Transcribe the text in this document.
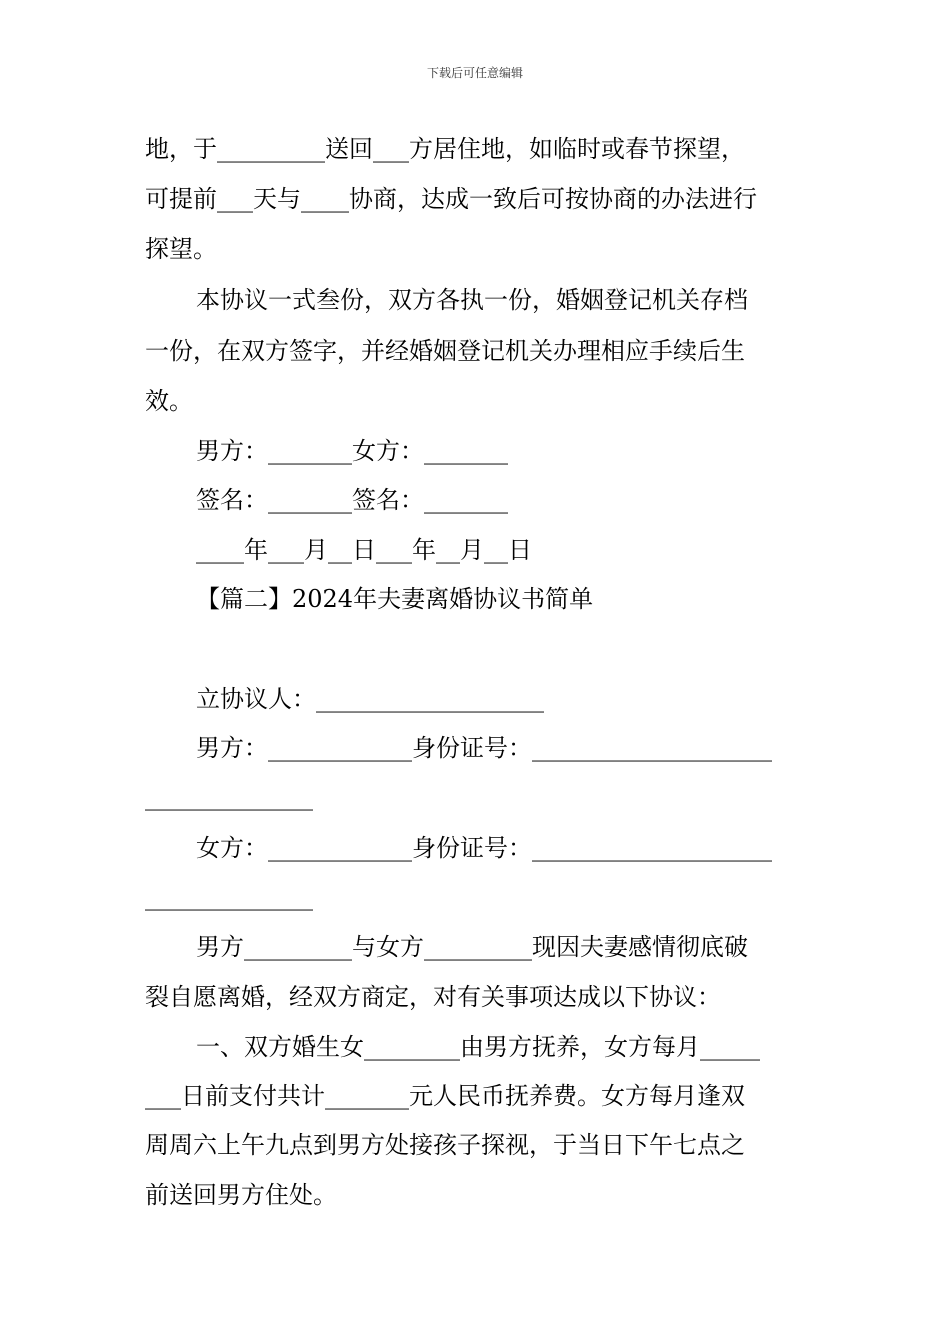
下载后可任意编辑
地，于_________送回___方居住地，如临时或春节探望，
可提前___天与____协商，达成一致后可按协商的办法进行
探望。
本协议一式叁份，双方各执一份，婚姻登记机关存档
一份，在双方签字，并经婚姻登记机关办理相应手续后生
效。
男方：_______女方：_______
签名：_______签名：_______
____年___月__日___年__月__日
【篇二】2024年夫妻离婚协议书简单
立协议人：___________________
男方：____________身份证号：____________________
______________
女方：____________身份证号：____________________
______________
男方_________与女方_________现因夫妻感情彻底破
裂自愿离婚，经双方商定，对有关事项达成以下协议：
一、双方婚生女________由男方抚养，女方每月_____
___日前支付共计_______元人民币抚养费。女方每月逢双
周周六上午九点到男方处接孩子探视，于当日下午七点之
前送回男方住处。
